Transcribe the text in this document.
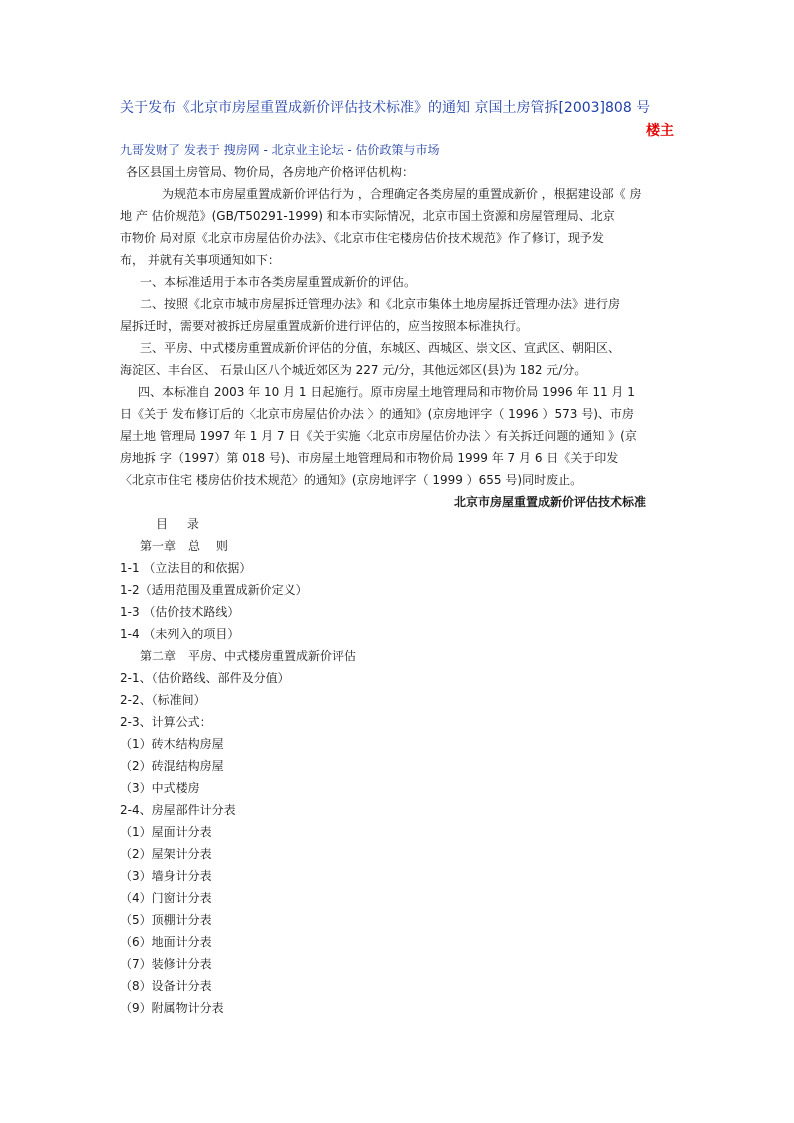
关于发布《北京市房屋重置成新价评估技术标准》的通知 京国土房管拆[2003]808 号
楼主
九哥发财了 发表于 搜房网 - 北京业主论坛 - 估价政策与市场

各区县国土房管局、物价局，各房地产价格评估机构：

为规范本市房屋重置成新价评估行为 ，合理确定各类房屋的重置成新价 ，根据建设部《 房

地 产 估价规范》(GB/T50291-1999) 和本市实际情况，北京市国土资源和房屋管理局、北京

市物价 局对原《北京市房屋估价办法》、《北京市住宅楼房估价技术规范》作了修订，现予发

布， 并就有关事项通知如下：

一、本标准适用于本市各类房屋重置成新价的评估。

二、按照《北京市城市房屋拆迁管理办法》和《北京市集体土地房屋拆迁管理办法》进行房

屋拆迁时，需要对被拆迁房屋重置成新价进行评估的，应当按照本标准执行。

三、平房、中式楼房重置成新价评估的分值，东城区、西城区、崇文区、宣武区、朝阳区、

海淀区、丰台区、 石景山区八个城近郊区为 227 元/分，其他远郊区(县)为 182 元/分。

四、本标准自 2003 年 10 月 1 日起施行。原市房屋土地管理局和市物价局 1996 年 11 月 1

日《关于 发布修订后的〈北京市房屋估价办法 〉的通知》(京房地评字（ 1996 ）573 号)、市房

屋土地 管理局 1997 年 1 月 7 日《关于实施〈北京市房屋估价办法 〉有关拆迁问题的通知 》(京

房地拆 字（1997）第 018 号)、市房屋土地管理局和市物价局 1999 年 7 月 6 日《关于印发

〈北京市住宅 楼房估价技术规范〉的通知》(京房地评字（ 1999 ）655 号)同时废止。

北京市房屋重置成新价评估技术标准

目　 录

第一章　总　 则

1-1 （立法目的和依据）

1-2（适用范围及重置成新价定义）

1-3 （估价技术路线）

1-4 （未列入的项目）

第二章　平房、中式楼房重置成新价评估

2-1、（估价路线、部件及分值）

2-2、（标准间）

2-3、计算公式：

（1）砖木结构房屋

（2）砖混结构房屋

（3）中式楼房

2-4、房屋部件计分表

（1）屋面计分表

（2）屋架计分表

（3）墙身计分表

（4）门窗计分表

（5）顶棚计分表

（6）地面计分表

（7）装修计分表

（8）设备计分表

（9）附属物计分表
